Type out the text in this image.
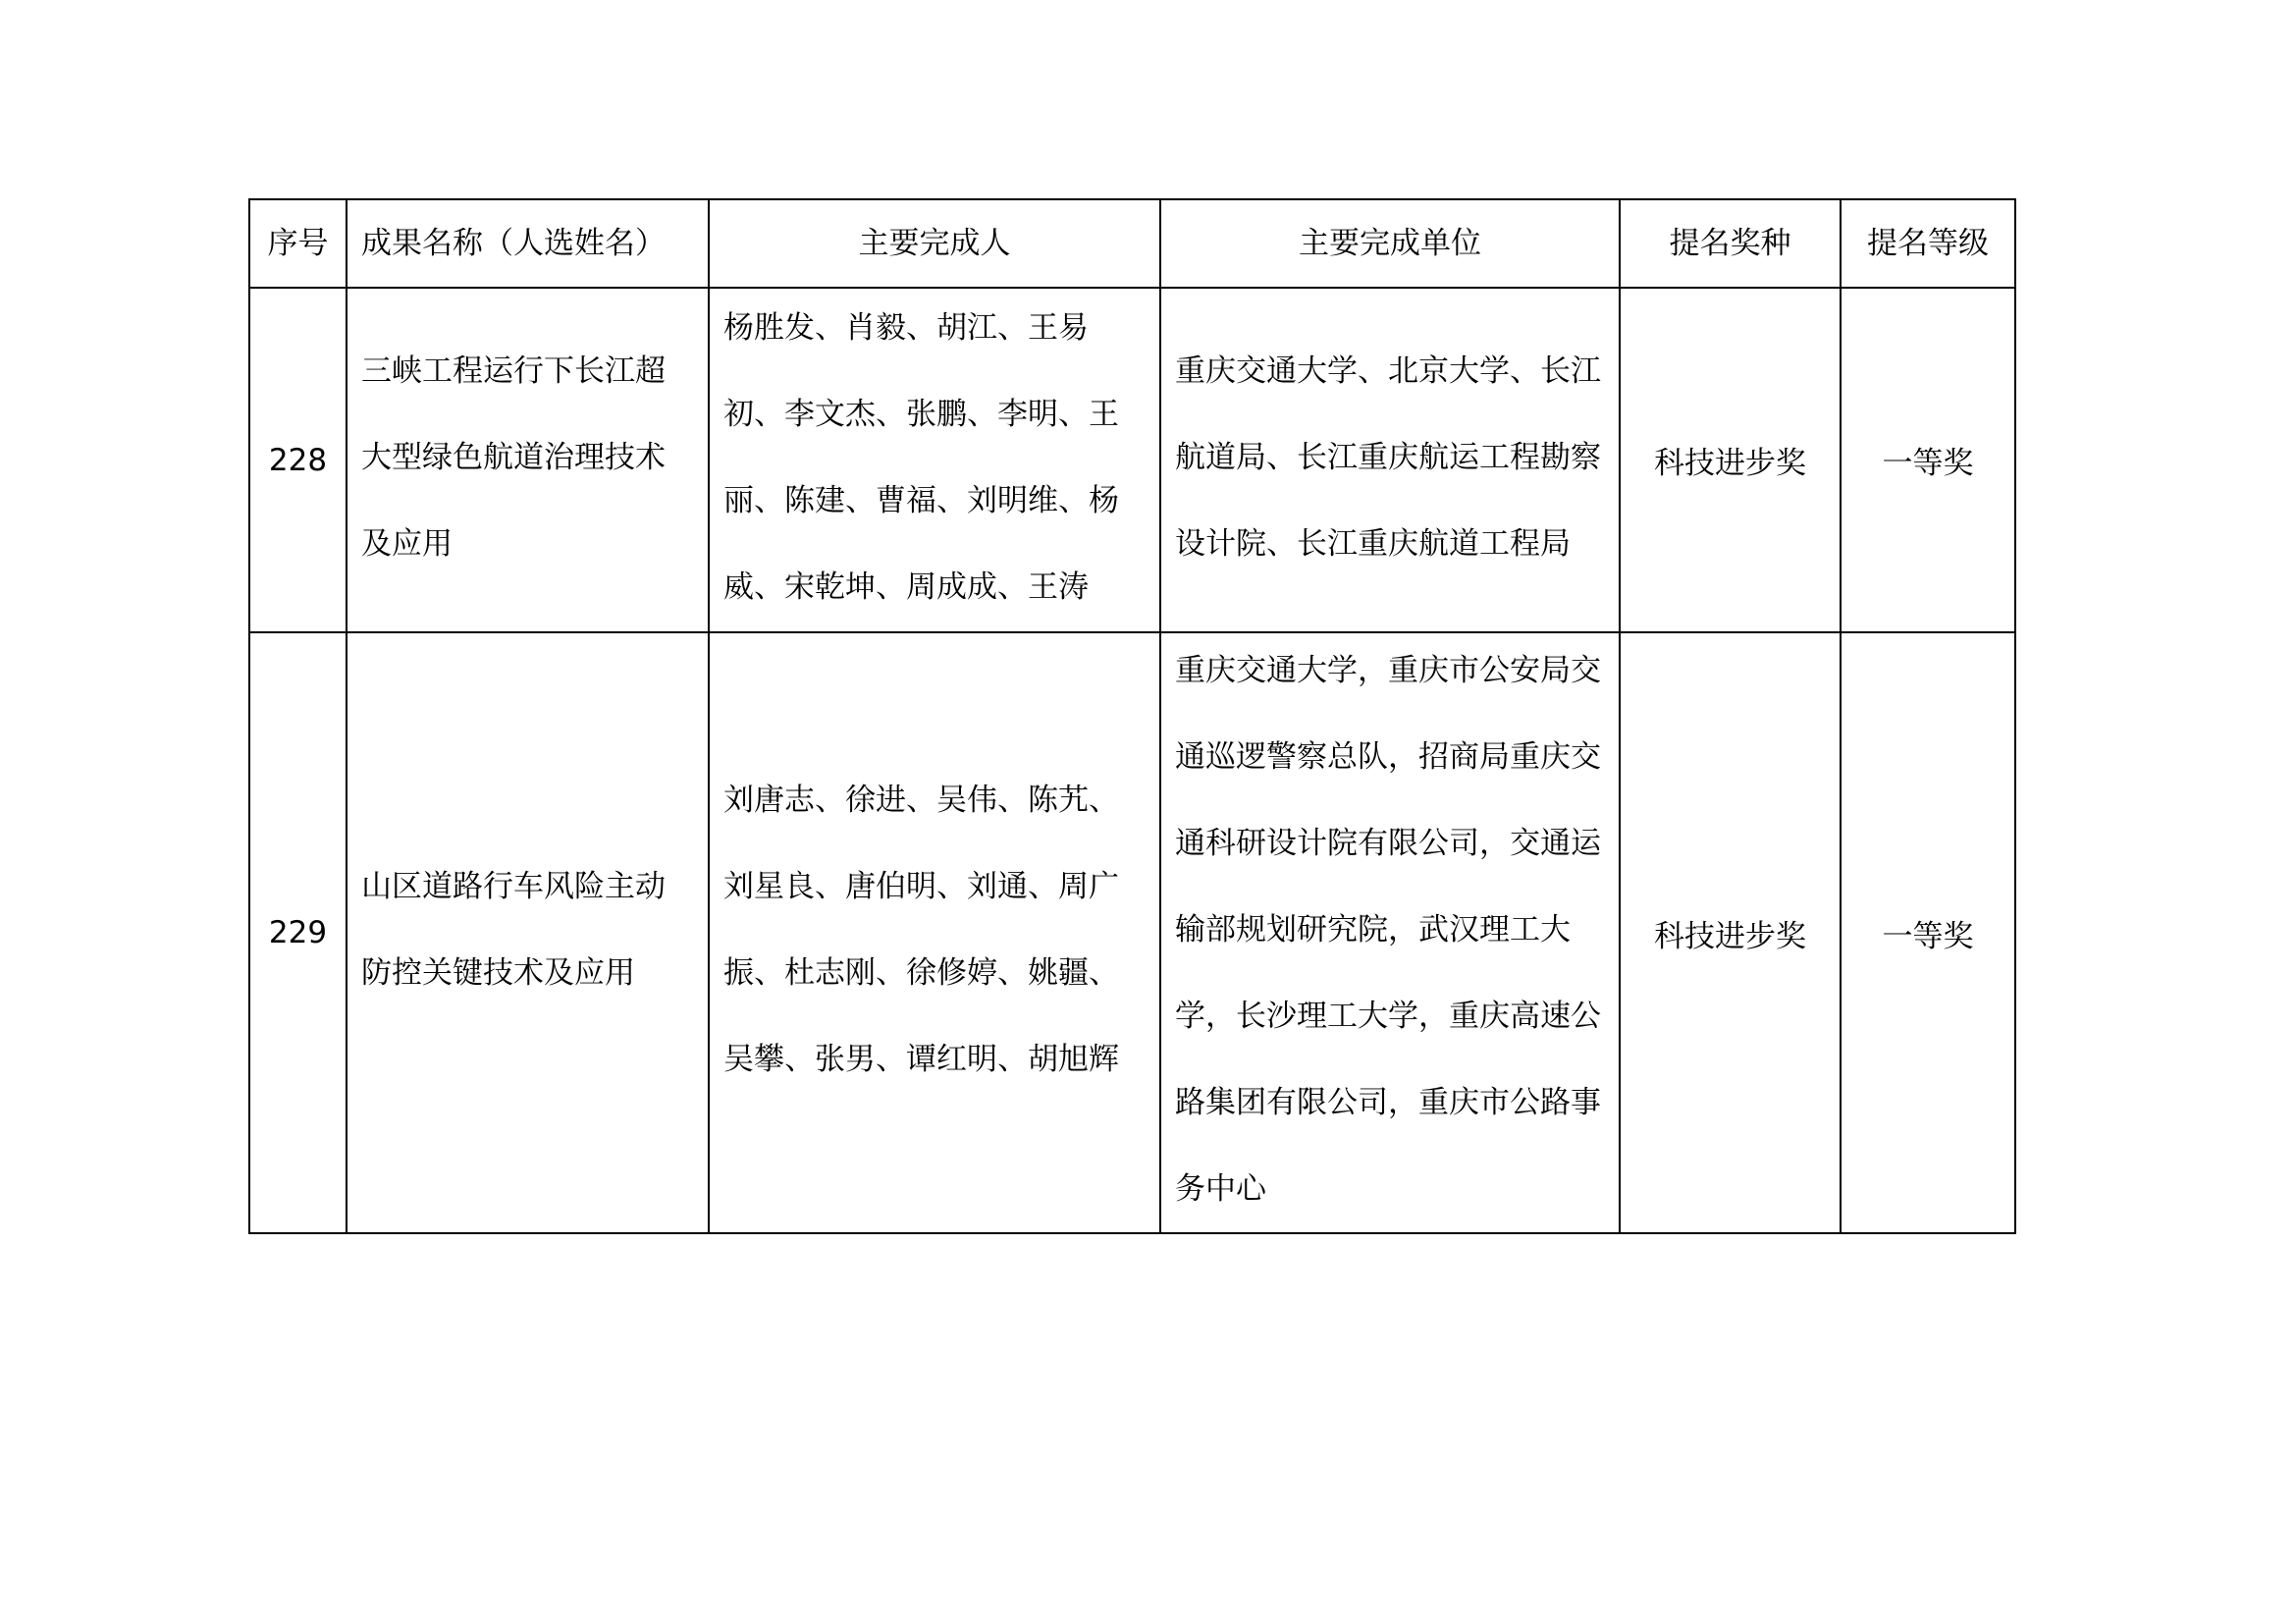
序号	成果名称（人选姓名）	主要完成人	主要完成单位	提名奖种	提名等级
228	三峡工程运行下长江超大型绿色航道治理技术及应用	杨胜发、肖毅、胡江、王易初、李文杰、张鹏、李明、王丽、陈建、曹福、刘明维、杨威、宋乾坤、周成成、王涛	重庆交通大学、北京大学、长江航道局、长江重庆航运工程勘察设计院、长江重庆航道工程局	科技进步奖	一等奖
229	山区道路行车风险主动防控关键技术及应用	刘唐志、徐进、吴伟、陈艽、刘星良、唐伯明、刘通、周广振、杜志刚、徐修婷、姚疆、吴攀、张男、谭红明、胡旭辉	重庆交通大学，重庆市公安局交通巡逻警察总队，招商局重庆交通科研设计院有限公司，交通运输部规划研究院，武汉理工大学，长沙理工大学，重庆高速公路集团有限公司，重庆市公路事务中心	科技进步奖	一等奖
